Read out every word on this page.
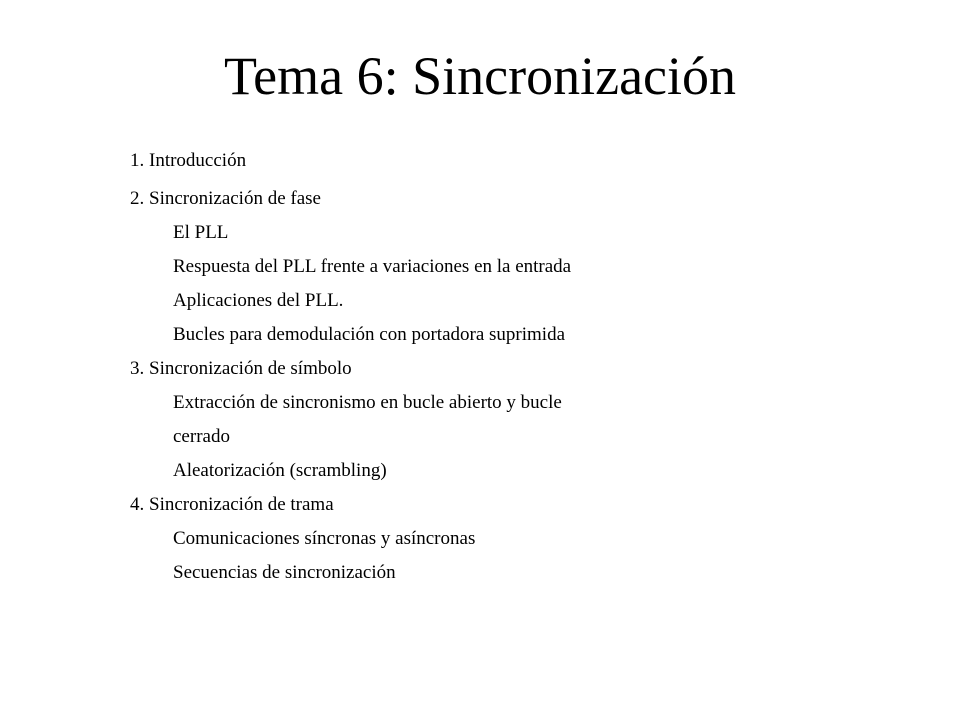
Tema 6: Sincronización

1. Introducción

2. Sincronización de fase

El PLL

Respuesta del PLL frente a variaciones en la entrada

Aplicaciones del PLL.

Bucles para demodulación con portadora suprimida

3. Sincronización de símbolo

Extracción de sincronismo en bucle abierto y bucle

cerrado

Aleatorización (scrambling)

4. Sincronización de trama

Comunicaciones síncronas y asíncronas

Secuencias de sincronización
